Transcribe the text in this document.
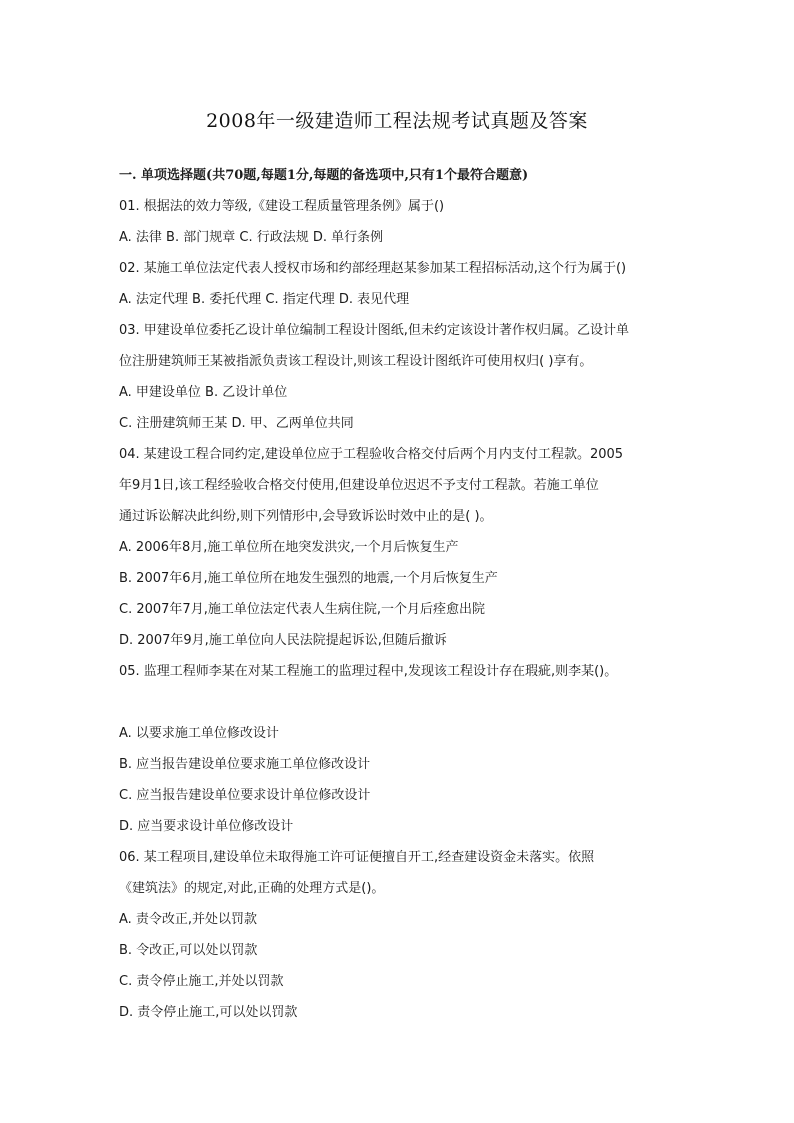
2008年一级建造师工程法规考试真题及答案
一. 单项选择题(共70题,每题1分,每题的备选项中,只有1个最符合题意)
01. 根据法的效力等级,《建设工程质量管理条例》属于()
A. 法律 B. 部门规章 C. 行政法规 D. 单行条例
02. 某施工单位法定代表人授权市场和约部经理赵某参加某工程招标活动,这个行为属于()
A. 法定代理 B. 委托代理 C. 指定代理 D. 表见代理
03. 甲建设单位委托乙设计单位编制工程设计图纸,但未约定该设计著作权归属。乙设计单
位注册建筑师王某被指派负责该工程设计,则该工程设计图纸许可使用权归( )享有。
A. 甲建设单位 B. 乙设计单位
C. 注册建筑师王某 D. 甲、乙两单位共同
04. 某建设工程合同约定,建设单位应于工程验收合格交付后两个月内支付工程款。2005
年9月1日,该工程经验收合格交付使用,但建设单位迟迟不予支付工程款。若施工单位
通过诉讼解决此纠纷,则下列情形中,会导致诉讼时效中止的是( )。
A. 2006年8月,施工单位所在地突发洪灾,一个月后恢复生产
B. 2007年6月,施工单位所在地发生强烈的地震,一个月后恢复生产
C. 2007年7月,施工单位法定代表人生病住院,一个月后痊愈出院
D. 2007年9月,施工单位向人民法院提起诉讼,但随后撤诉
05. 监理工程师李某在对某工程施工的监理过程中,发现该工程设计存在瑕疵,则李某()。
A. 以要求施工单位修改设计
B. 应当报告建设单位要求施工单位修改设计
C. 应当报告建设单位要求设计单位修改设计
D. 应当要求设计单位修改设计
06. 某工程项目,建设单位未取得施工许可证便擅自开工,经查建设资金未落实。依照
《建筑法》的规定,对此,正确的处理方式是()。
A. 责令改正,并处以罚款
B. 令改正,可以处以罚款
C. 责令停止施工,并处以罚款
D. 责令停止施工,可以处以罚款
